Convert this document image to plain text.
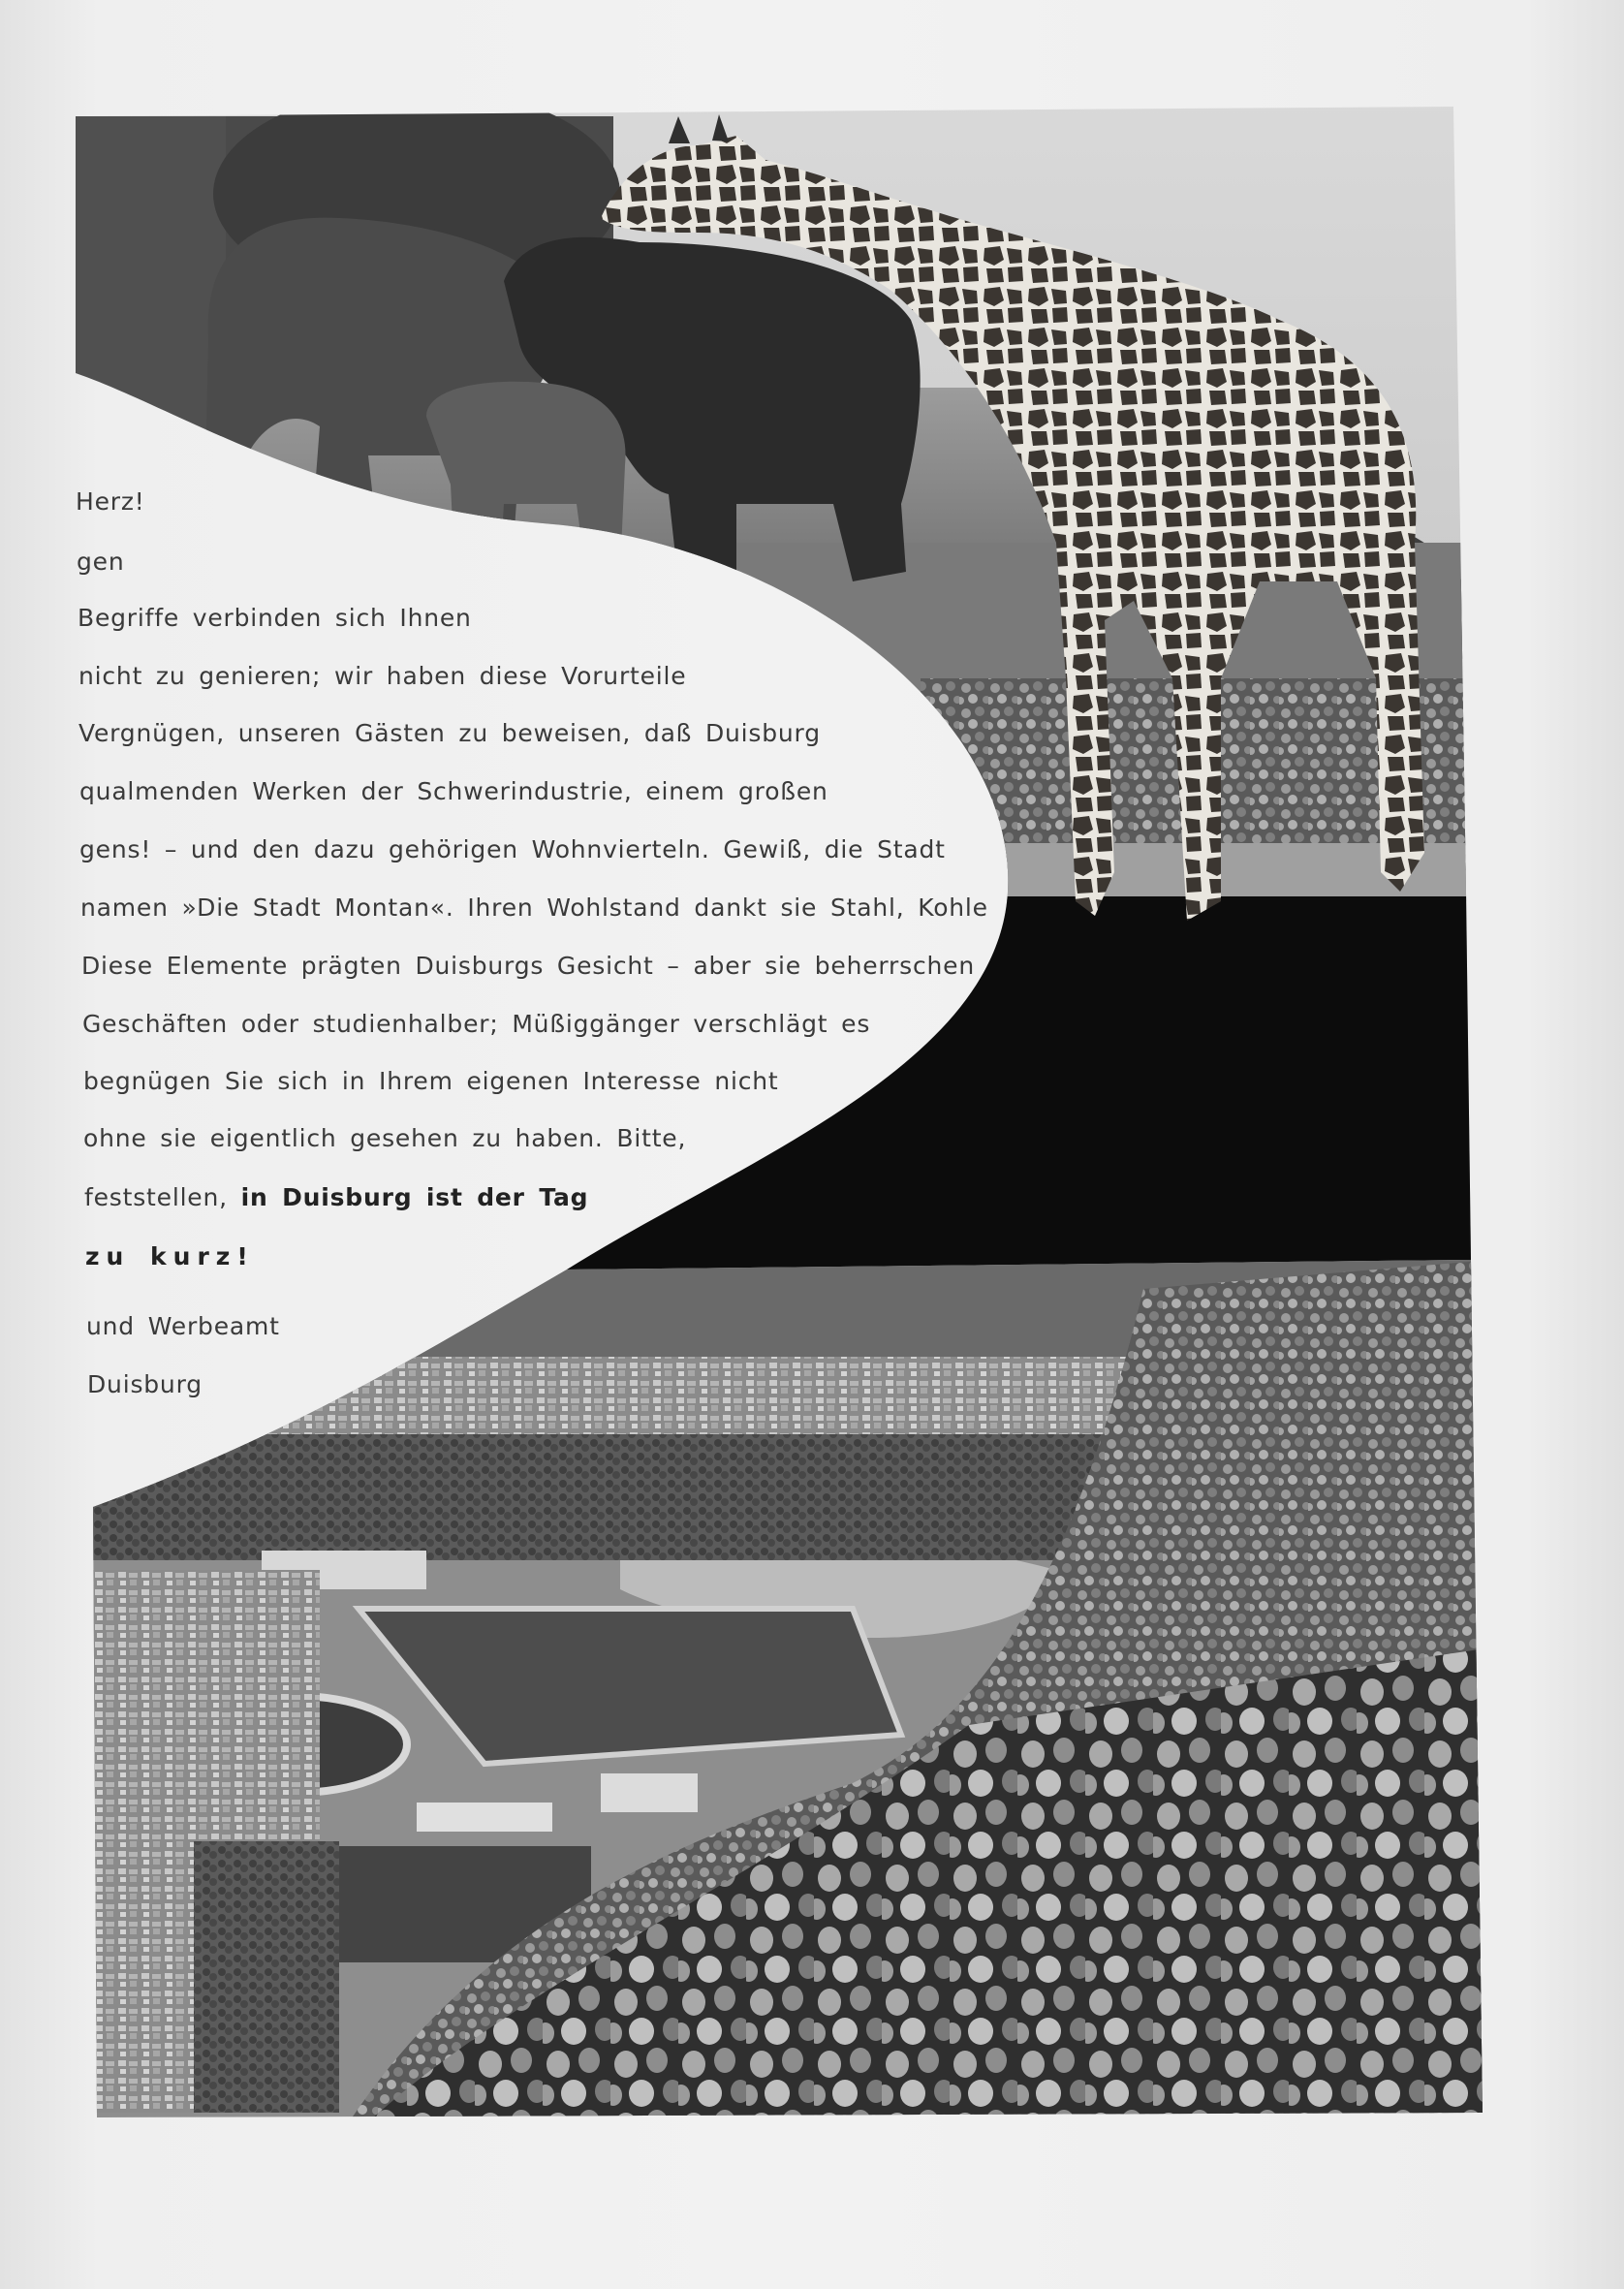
Herz!
gen
Begriffe verbinden sich Ihnen
nicht zu genieren; wir haben diese Vorurteile
Vergnügen, unseren Gästen zu beweisen, daß Duisburg
qualmenden Werken der Schwerindustrie, einem großen
gens! – und den dazu gehörigen Wohnvierteln. Gewiß, die Stadt
namen »Die Stadt Montan«. Ihren Wohlstand dankt sie Stahl, Kohle
Diese Elemente prägten Duisburgs Gesicht – aber sie beherrschen
Geschäften oder studienhalber; Müßiggänger verschlägt es
begnügen Sie sich in Ihrem eigenen Interesse nicht
ohne sie eigentlich gesehen zu haben. Bitte,
feststellen, in Duisburg ist der Tag
zu kurz!
und Werbeamt
Duisburg
